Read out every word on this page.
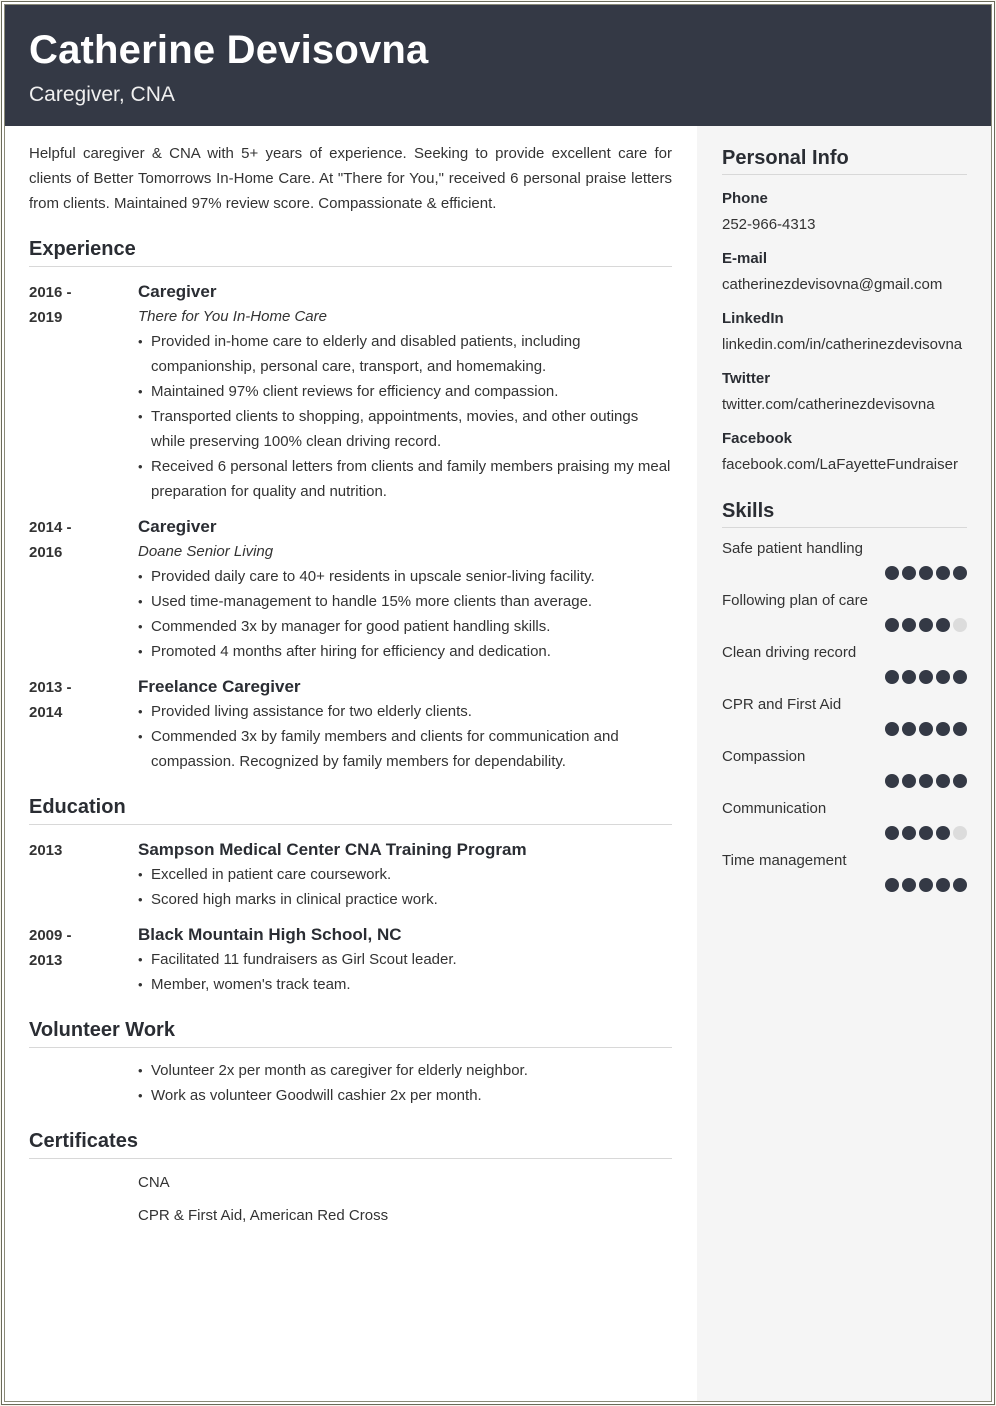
Catherine Devisovna
Caregiver, CNA

Helpful caregiver & CNA with 5+ years of experience. Seeking to provide excellent care for clients of Better Tomorrows In-Home Care. At "There for You," received 6 personal praise letters from clients. Maintained 97% review score. Compassionate & efficient.

Experience
2016 -
2019
Caregiver
There for You In-Home Care
• Provided in-home care to elderly and disabled patients, including companionship, personal care, transport, and homemaking.
• Maintained 97% client reviews for efficiency and compassion.
• Transported clients to shopping, appointments, movies, and other outings while preserving 100% clean driving record.
• Received 6 personal letters from clients and family members praising my meal preparation for quality and nutrition.
2014 -
2016
Caregiver
Doane Senior Living
• Provided daily care to 40+ residents in upscale senior-living facility.
• Used time-management to handle 15% more clients than average.
• Commended 3x by manager for good patient handling skills.
• Promoted 4 months after hiring for efficiency and dedication.
2013 -
2014
Freelance Caregiver
• Provided living assistance for two elderly clients.
• Commended 3x by family members and clients for communication and compassion. Recognized by family members for dependability.
Education
2013	Sampson Medical Center CNA Training Program
• Excelled in patient care coursework.
• Scored high marks in clinical practice work.
2009 -
2013
Black Mountain High School, NC
• Facilitated 11 fundraisers as Girl Scout leader.
• Member, women's track team.
Volunteer Work
• Volunteer 2x per month as caregiver for elderly neighbor.
• Work as volunteer Goodwill cashier 2x per month.
Certificates
CNA
CPR & First Aid, American Red Cross
Personal Info
Phone
252-966-4313
E-mail
catherinezdevisovna@gmail.com
LinkedIn
linkedin.com/in/catherinezdevisovna
Twitter
twitter.com/catherinezdevisovna
Facebook
facebook.com/LaFayetteFundraiser
Skills
Safe patient handling
Following plan of care
Clean driving record
CPR and First Aid
Compassion
Communication
Time management
